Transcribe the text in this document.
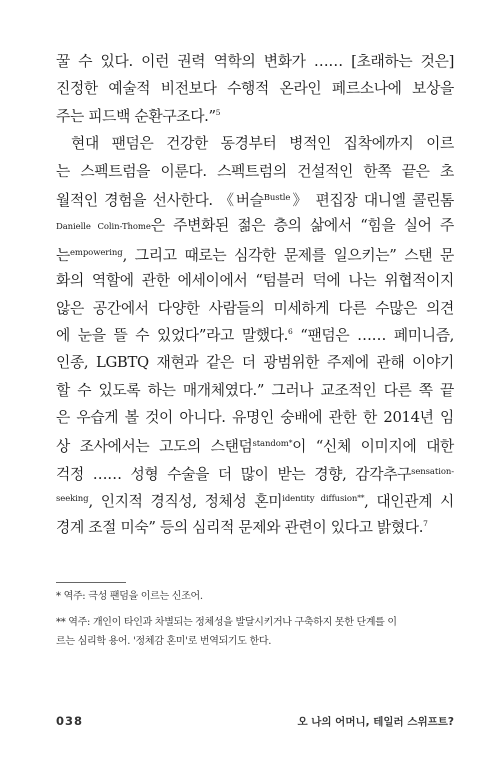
꿀 수 있다. 이런 권력 역학의 변화가 …… [초래하는 것은]
진정한 예술적 비전보다 수행적 온라인 페르소나에 보상을
주는 피드백 순환구조다.”$^5$
현대 팬덤은 건강한 동경부터 병적인 집착에까지 이르
는 스펙트럼을 이룬다. 스펙트럼의 건설적인 한쪽 끝은 초
월적인 경험을 선사한다. 《버슬$^{Bustle}$》 편집장 대니엘 콜린톰
Danielle Colin-Thome은 주변화된 젊은 층의 삶에서 “힘을 실어 주
는$^{empowering}$, 그리고 때로는 심각한 문제를 일으키는” 스탠 문
화의 역할에 관한 에세이에서 “텀블러 덕에 나는 위협적이지
않은 공간에서 다양한 사람들의 미세하게 다른 수많은 의견
에 눈을 뜰 수 있었다”라고 말했다.$^6$ “팬덤은 …… 페미니즘,
인종, LGBTQ 재현과 같은 더 광범위한 주제에 관해 이야기
할 수 있도록 하는 매개체였다.” 그러나 교조적인 다른 쪽 끝
은 우습게 볼 것이 아니다. 유명인 숭배에 관한 한 2014년 임
상 조사에서는 고도의 스탠덤$^{standom*}$이 “신체 이미지에 대한
걱정 …… 성형 수술을 더 많이 받는 경향, 감각추구$^{sensation-}$
$^{seeking}$, 인지적 경직성, 정체성 혼미$^{identity diffusion**}$, 대인관계 시
경계 조절 미숙” 등의 심리적 문제와 관련이 있다고 밝혔다.$^7$
* 역주: 극성 팬덤을 이르는 신조어.
** 역주: 개인이 타인과 차별되는 정체성을 발달시키거나 구축하지 못한 단계를 이
르는 심리학 용어. '정체감 혼미'로 번역되기도 한다.
038	오 나의 어머니, 테일러 스위프트?
